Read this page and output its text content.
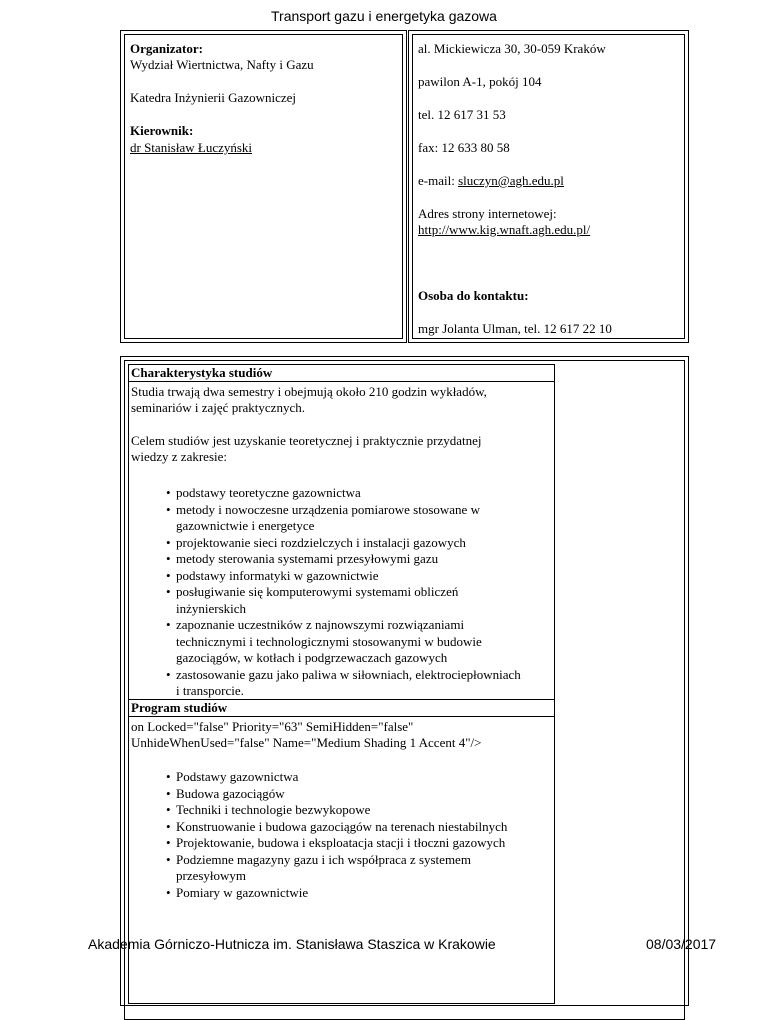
Transport gazu i energetyka gazowa
Organizator:
Wydział Wiertnictwa, Nafty i Gazu
Katedra Inżynierii Gazowniczej
Kierownik:
dr Stanisław Łuczyński
al. Mickiewicza 30, 30-059 Kraków
pawilon A-1, pokój 104
tel. 12 617 31 53
fax: 12 633 80 58
e-mail: sluczyn@agh.edu.pl
Adres strony internetowej:
http://www.kig.wnaft.agh.edu.pl/
Osoba do kontaktu:
mgr Jolanta Ulman, tel. 12 617 22 10
Charakterystyka studiów
Studia trwają dwa semestry i obejmują około 210 godzin wykładów,
seminariów i zajęć praktycznych.
Celem studiów jest uzyskanie teoretycznej i praktycznie przydatnej
wiedzy z zakresie:
• podstawy teoretyczne gazownictwa
• metody i nowoczesne urządzenia pomiarowe stosowane w
gazownictwie i energetyce
• projektowanie sieci rozdzielczych i instalacji gazowych
• metody sterowania systemami przesyłowymi gazu
• podstawy informatyki w gazownictwie
• posługiwanie się komputerowymi systemami obliczeń
inżynierskich
• zapoznanie uczestników z najnowszymi rozwiązaniami
technicznymi i technologicznymi stosowanymi w budowie
gazociągów, w kotłach i podgrzewaczach gazowych
• zastosowanie gazu jako paliwa w siłowniach, elektrociepłowniach
i transporcie.
Program studiów
on Locked="false" Priority="63" SemiHidden="false"
UnhideWhenUsed="false" Name="Medium Shading 1 Accent 4"/>
• Podstawy gazownictwa
• Budowa gazociągów
• Techniki i technologie bezwykopowe
• Konstruowanie i budowa gazociągów na terenach niestabilnych
• Projektowanie, budowa i eksploatacja stacji i tłoczni gazowych
• Podziemne magazyny gazu i ich współpraca z systemem
przesyłowym
• Pomiary w gazownictwie
Akademia Górniczo-Hutnicza im. Stanisława Staszica w Krakowie	08/03/2017
